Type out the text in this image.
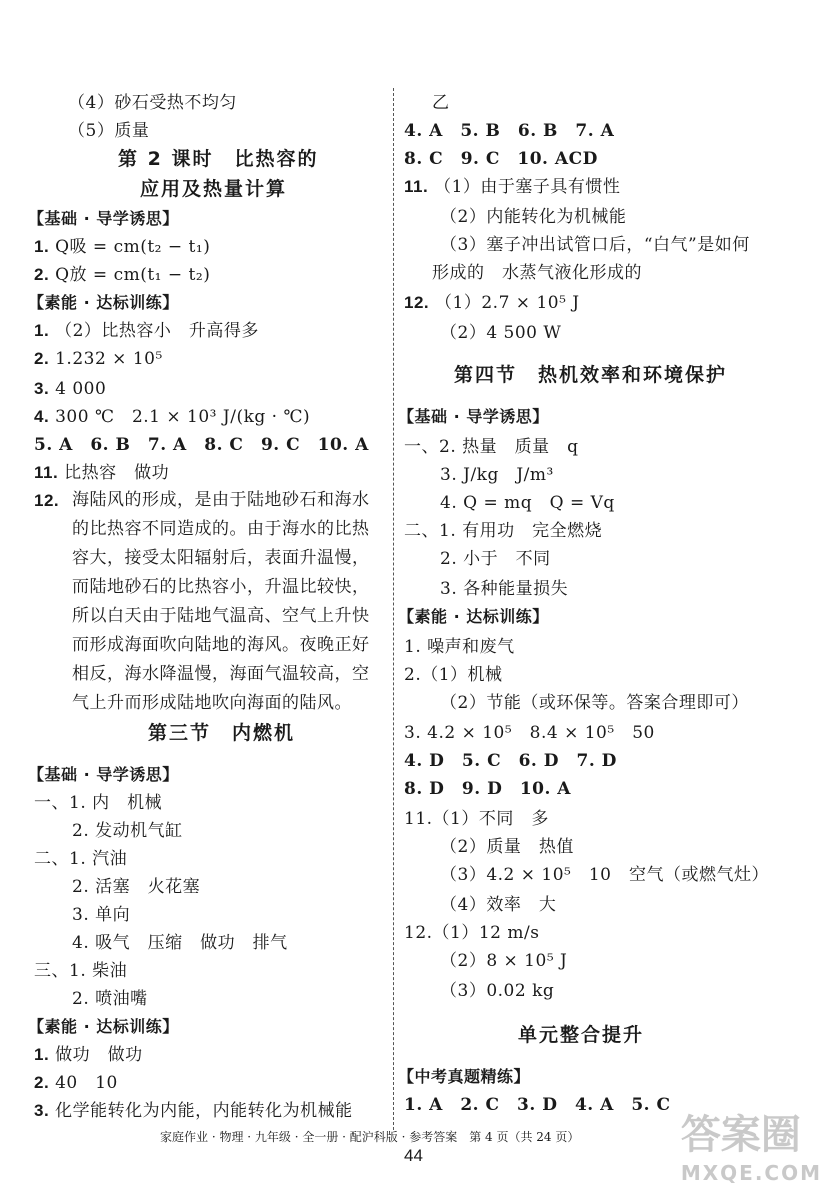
（4）砂石受热不均匀
（5）质量
第 2 课时　比热容的
应用及热量计算
【基础 · 导学诱思】
1. Q吸 = cm(t₂ − t₁)
2. Q放 = cm(t₁ − t₂)
【素能 · 达标训练】
1. （2）比热容小　升高得多
2. 1.232 × 10⁵
3. 4 000
4. 300 ℃　2.1 × 10³ J/(kg · ℃)
5. A　6. B　7. A　8. C　9. C　10. A
11. 比热容　做功
12. 海陆风的形成，是由于陆地砂石和海水的比热容不同造成的。由于海水的比热容大，接受太阳辐射后，表面升温慢，而陆地砂石的比热容小，升温比较快，所以白天由于陆地气温高、空气上升快而形成海面吹向陆地的海风。夜晚正好相反，海水降温慢，海面气温较高，空气上升而形成陆地吹向海面的陆风。
第三节　内燃机
【基础 · 导学诱思】
一、1. 内　机械
2. 发动机气缸
二、1. 汽油
2. 活塞　火花塞
3. 单向
4. 吸气　压缩　做功　排气
三、1. 柴油
2. 喷油嘴
【素能 · 达标训练】
1. 做功　做功
2. 40　10
3. 化学能转化为内能，内能转化为机械能
乙
4. A　5. B　6. B　7. A
8. C　9. C　10. ACD
11. （1）由于塞子具有惯性
（2）内能转化为机械能
（3）塞子冲出试管口后，“白气”是如何
形成的　水蒸气液化形成的
12. （1）2.7 × 10⁵ J
（2）4 500 W
第四节　热机效率和环境保护
【基础 · 导学诱思】
一、2. 热量　质量　q
3. J/kg　J/m³
4. Q = mq　Q = Vq
二、1. 有用功　完全燃烧
2. 小于　不同
3. 各种能量损失
【素能 · 达标训练】
1. 噪声和废气
2.（1）机械
（2）节能（或环保等。答案合理即可）
3. 4.2 × 10⁵　8.4 × 10⁵　50
4. D　5. C　6. D　7. D
8. D　9. D　10. A
11.（1）不同　多
（2）质量　热值
（3）4.2 × 10⁵　10　空气（或燃气灶）
（4）效率　大
12.（1）12 m/s
（2）8 × 10⁵ J
（3）0.02 kg
单元整合提升
【中考真题精练】
1. A　2. C　3. D　4. A　5. C
家庭作业 · 物理 · 九年级 · 全一册 · 配沪科版 · 参考答案　第 4 页（共 24 页）
44	答案圈
MXQE.COM
